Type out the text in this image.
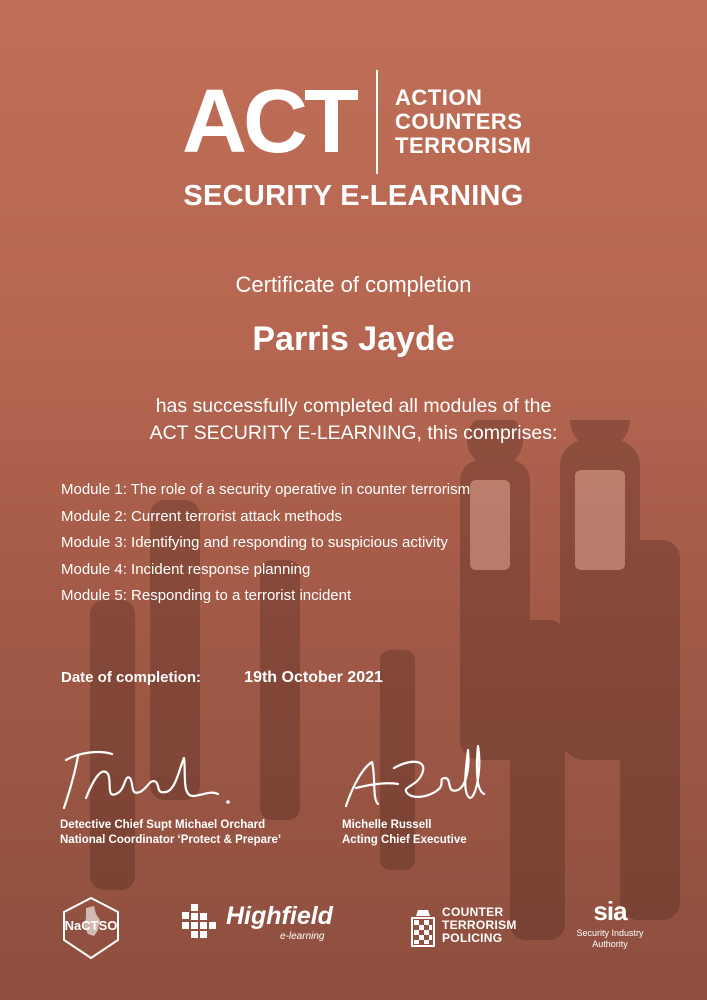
ACT ACTION
COUNTERS
TERRORISM
SECURITY E-LEARNING
Certificate of completion
Parris Jayde
has successfully completed all modules of the
ACT SECURITY E-LEARNING, this comprises:
Module 1: The role of a security operative in counter terrorism
Module 2: Current terrorist attack methods
Module 3: Identifying and responding to suspicious activity
Module 4: Incident response planning
Module 5: Responding to a terrorist incident
Date of completion:	19th October 2021
Detective Chief Supt Michael Orchard
National Coordinator ‘Protect & Prepare’
Michelle Russell
Acting Chief Executive
NaCTSO	Highfield
e-learning
COUNTER
TERRORISM
POLICING
sia
Security Industry
Authority
